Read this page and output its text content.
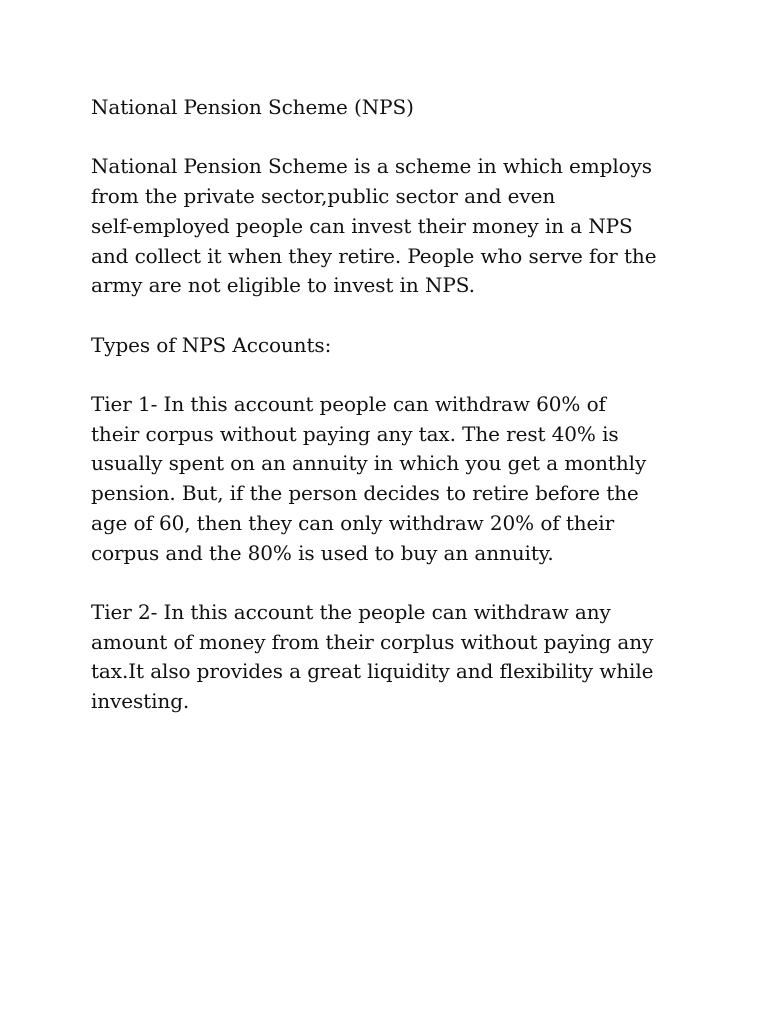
National Pension Scheme (NPS)

National Pension Scheme is a scheme in which employs
from the private sector,public sector and even
self-employed people can invest their money in a NPS
and collect it when they retire. People who serve for the
army are not eligible to invest in NPS.

Types of NPS Accounts:

Tier 1- In this account people can withdraw 60% of
their corpus without paying any tax. The rest 40% is
usually spent on an annuity in which you get a monthly
pension. But, if the person decides to retire before the
age of 60, then they can only withdraw 20% of their
corpus and the 80% is used to buy an annuity.

Tier 2- In this account the people can withdraw any
amount of money from their corplus without paying any
tax.It also provides a great liquidity and flexibility while
investing.
